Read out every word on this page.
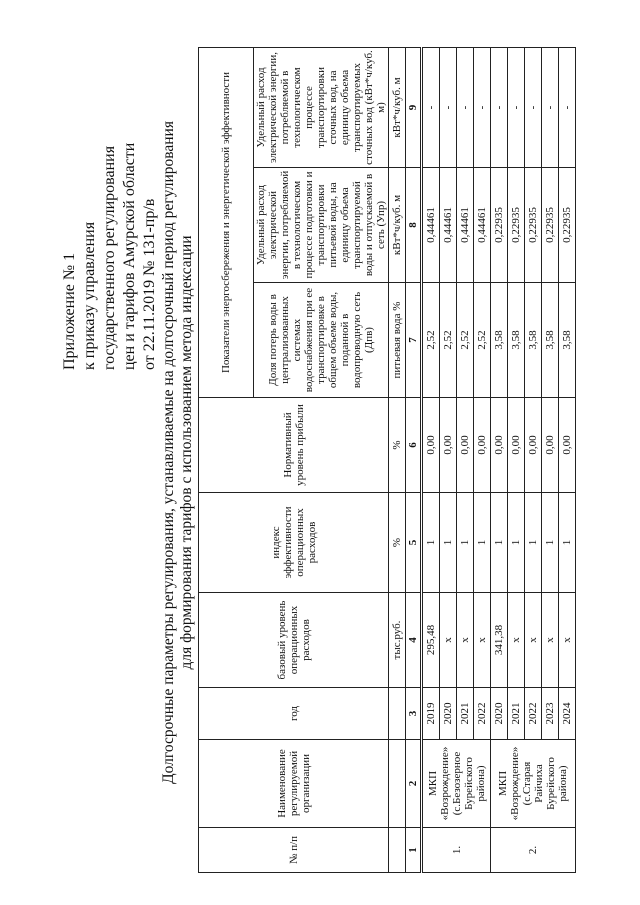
Приложение № 1 к приказу управления государственного регулирования цен и тарифов Амурской области от 22.11.2019 № 131-пр/в Долгосрочные параметры регулирования, устанавливаемые на долгосрочный период регулирования для формирования тарифов с использованием метода индексации
№ п/п	Наименование регулируемой организации	год	базовый уровень операционных расходов	индекс эффективности операционных расходов	Нормативный уровень прибыли	Показатели энергосбережения и энергетической эффективности		
						Доля потерь воды в централизованных системах водоснабжения при ее транспортировке в общем объеме воды, поданной в водопроводную сеть (Дпв)	Удельный расход электрической энергии, потребляемой в технологическом процессе подготовки и транспортировки питьевой воды, на единицу объема транспортируемой воды и отпускаемой в сеть (Упр)	Удельный расход электрической энергии, потребляемой в технологическом процессе транспортировки сточных вод, на единицу объема транспортируемых сточных вод (кВт*ч/куб. м)
			тыс.руб.	%	%	питьевая вода %	кВт*ч/куб. м	кВт*ч/куб. м
1	2	3	4	5	6	7	8	9
1.	МКП «Возрождение» (с.Безозерное Бурейского района)	2019	295,48	1	0,00	2,52	0,44461	-
		2020	х	1	0,00	2,52	0,44461	-
		2021	х	1	0,00	2,52	0,44461	-
		2022	х	1	0,00	2,52	0,44461	-
2.	МКП «Возрождение» (с.Старая Райчиха Бурейского района)	2020	341,38	1	0,00	3,58	0,22935	-
		2021	х	1	0,00	3,58	0,22935	-
		2022	х	1	0,00	3,58	0,22935	-
		2023	х	1	0,00	3,58	0,22935	-
		2024	х	1	0,00	3,58	0,22935	-
